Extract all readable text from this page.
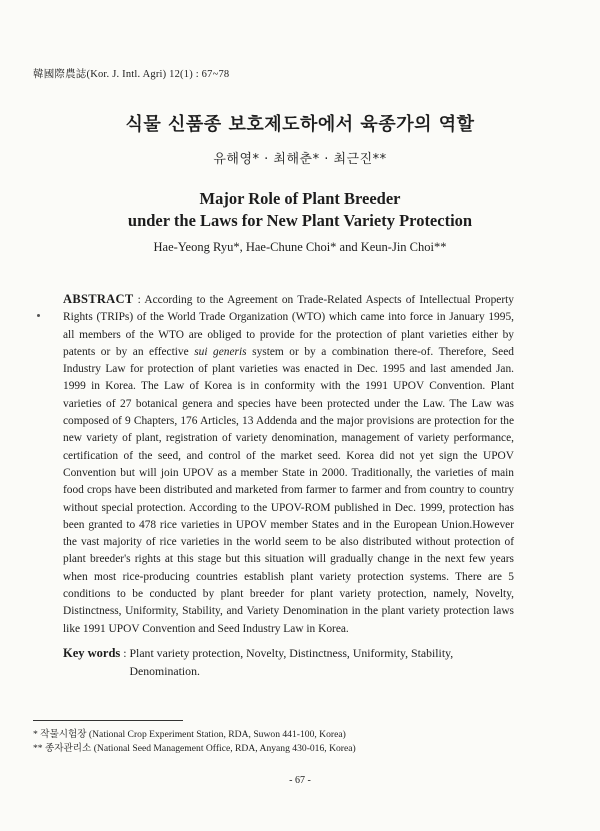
韓國際農誌(Kor. J. Intl. Agri) 12(1) : 67~78
식물 신품종 보호제도하에서 육종가의 역할
유해영* · 최해춘* · 최근진**
Major Role of Plant Breeder
under the Laws for New Plant Variety Protection
Hae-Yeong Ryu*, Hae-Chune Choi* and Keun-Jin Choi**
ABSTRACT : According to the Agreement on Trade-Related Aspects of Intellectual Property Rights (TRIPs) of the World Trade Organization (WTO) which came into force in January 1995, all members of the WTO are obliged to provide for the protection of plant varieties either by patents or by an effective sui generis system or by a combination there-of. Therefore, Seed Industry Law for protection of plant varieties was enacted in Dec. 1995 and last amended Jan. 1999 in Korea. The Law of Korea is in conformity with the 1991 UPOV Convention. Plant varieties of 27 botanical genera and species have been protected under the Law. The Law was composed of 9 Chapters, 176 Articles, 13 Addenda and the major provisions are protection for the new variety of plant, registration of variety denomination, management of variety performance, certification of the seed, and control of the market seed. Korea did not yet sign the UPOV Convention but will join UPOV as a member State in 2000. Traditionally, the varieties of main food crops have been distributed and marketed from farmer to farmer and from country to country without special protection. According to the UPOV-ROM published in Dec. 1999, protection has been granted to 478 rice varieties in UPOV member States and in the European Union.However the vast majority of rice varieties in the world seem to be also distributed without protection of plant breeder's rights at this stage but this situation will gradually change in the next few years when most rice-producing countries establish plant variety protection systems. There are 5 conditions to be conducted by plant breeder for plant variety protection, namely, Novelty, Distinctness, Uniformity, Stability, and Variety Denomination in the plant variety protection laws like 1991 UPOV Convention and Seed Industry Law in Korea.
Key words : Plant variety protection, Novelty, Distinctness, Uniformity, Stability, Denomination.
* 작물시험장 (National Crop Experiment Station, RDA, Suwon 441-100, Korea)
** 종자관리소 (National Seed Management Office, RDA, Anyang 430-016, Korea)
- 67 -
